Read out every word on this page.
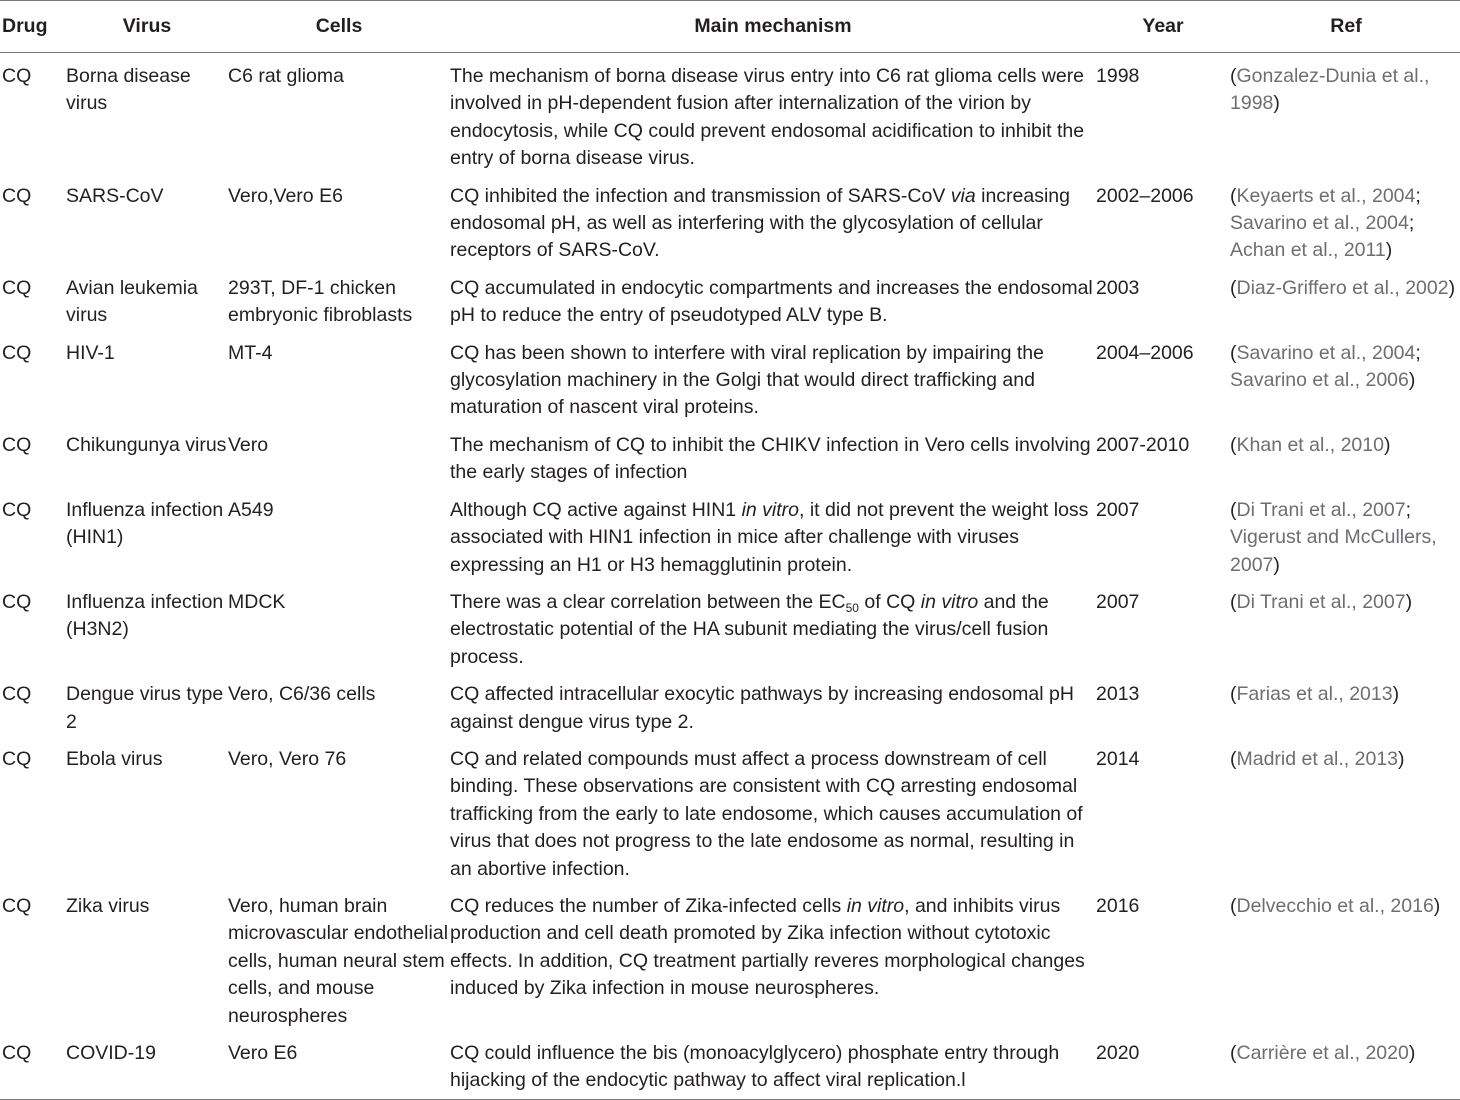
Drug	Virus	Cells	Main mechanism	Year	Ref
CQ	Borna disease virus	C6 rat glioma	The mechanism of borna disease virus entry into C6 rat glioma cells were involved in pH-dependent fusion after internalization of the virion by endocytosis, while CQ could prevent endosomal acidification to inhibit the entry of borna disease virus.	1998	(Gonzalez-Dunia et al., 1998)
CQ	SARS-CoV	Vero,Vero E6	CQ inhibited the infection and transmission of SARS-CoV via increasing endosomal pH, as well as interfering with the glycosylation of cellular receptors of SARS-CoV.	2002–2006	(Keyaerts et al., 2004; Savarino et al., 2004; Achan et al., 2011)
CQ	Avian leukemia virus	293T, DF-1 chicken embryonic fibroblasts	CQ accumulated in endocytic compartments and increases the endosomal pH to reduce the entry of pseudotyped ALV type B.	2003	(Diaz-Griffero et al., 2002)
CQ	HIV-1	MT-4	CQ has been shown to interfere with viral replication by impairing the glycosylation machinery in the Golgi that would direct trafficking and maturation of nascent viral proteins.	2004–2006	(Savarino et al., 2004; Savarino et al., 2006)
CQ	Chikungunya virus	Vero	The mechanism of CQ to inhibit the CHIKV infection in Vero cells involving the early stages of infection	2007-2010	(Khan et al., 2010)
CQ	Influenza infection (HIN1)	A549	Although CQ active against HIN1 in vitro, it did not prevent the weight loss associated with HIN1 infection in mice after challenge with viruses expressing an H1 or H3 hemagglutinin protein.	2007	(Di Trani et al., 2007; Vigerust and McCullers, 2007)
CQ	Influenza infection (H3N2)	MDCK	There was a clear correlation between the $EC_{50}$ of CQ in vitro and the electrostatic potential of the HA subunit mediating the virus/cell fusion process.	2007	(Di Trani et al., 2007)
CQ	Dengue virus type 2	Vero, C6/36 cells	CQ affected intracellular exocytic pathways by increasing endosomal pH against dengue virus type 2.	2013	(Farias et al., 2013)
CQ	Ebola virus	Vero, Vero 76	CQ and related compounds must affect a process downstream of cell binding. These observations are consistent with CQ arresting endosomal trafficking from the early to late endosome, which causes accumulation of virus that does not progress to the late endosome as normal, resulting in an abortive infection.	2014	(Madrid et al., 2013)
CQ	Zika virus	Vero, human brain microvascular endothelial cells, human neural stem cells, and mouse neurospheres	CQ reduces the number of Zika-infected cells in vitro, and inhibits virus production and cell death promoted by Zika infection without cytotoxic effects. In addition, CQ treatment partially reveres morphological changes induced by Zika infection in mouse neurospheres.	2016	(Delvecchio et al., 2016)
CQ	COVID-19	Vero E6	CQ could influence the bis (monoacylglycero) phosphate entry through hijacking of the endocytic pathway to affect viral replication.l	2020	(Carrière et al., 2020)
